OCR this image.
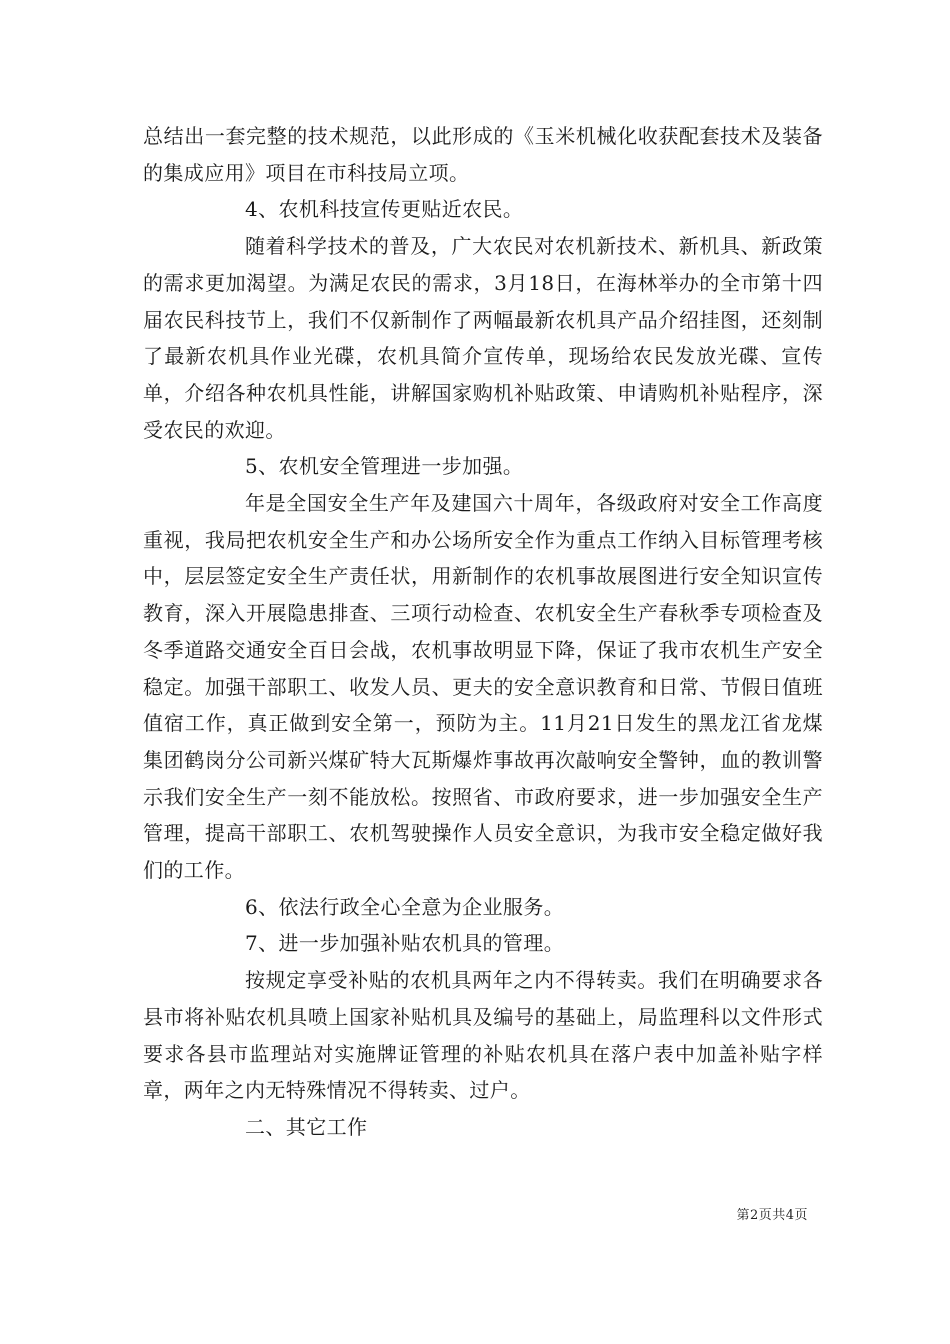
总结出一套完整的技术规范，以此形成的《玉米机械化收获配套技术及装备的集成应用》项目在市科技局立项。

4、农机科技宣传更贴近农民。

随着科学技术的普及，广大农民对农机新技术、新机具、新政策的需求更加渴望。为满足农民的需求，3月18日，在海林举办的全市第十四届农民科技节上，我们不仅新制作了两幅最新农机具产品介绍挂图，还刻制了最新农机具作业光碟，农机具简介宣传单，现场给农民发放光碟、宣传单，介绍各种农机具性能，讲解国家购机补贴政策、申请购机补贴程序，深受农民的欢迎。

5、农机安全管理进一步加强。

年是全国安全生产年及建国六十周年，各级政府对安全工作高度重视，我局把农机安全生产和办公场所安全作为重点工作纳入目标管理考核中，层层签定安全生产责任状，用新制作的农机事故展图进行安全知识宣传教育，深入开展隐患排查、三项行动检查、农机安全生产春秋季专项检查及冬季道路交通安全百日会战，农机事故明显下降，保证了我市农机生产安全稳定。加强干部职工、收发人员、更夫的安全意识教育和日常、节假日值班值宿工作，真正做到安全第一，预防为主。11月21日发生的黑龙江省龙煤集团鹤岗分公司新兴煤矿特大瓦斯爆炸事故再次敲响安全警钟，血的教训警示我们安全生产一刻不能放松。按照省、市政府要求，进一步加强安全生产管理，提高干部职工、农机驾驶操作人员安全意识，为我市安全稳定做好我们的工作。

6、依法行政全心全意为企业服务。

7、进一步加强补贴农机具的管理。

按规定享受补贴的农机具两年之内不得转卖。我们在明确要求各县市将补贴农机具喷上国家补贴机具及编号的基础上，局监理科以文件形式要求各县市监理站对实施牌证管理的补贴农机具在落户表中加盖补贴字样章，两年之内无特殊情况不得转卖、过户。

二、其它工作

第2页共4页
